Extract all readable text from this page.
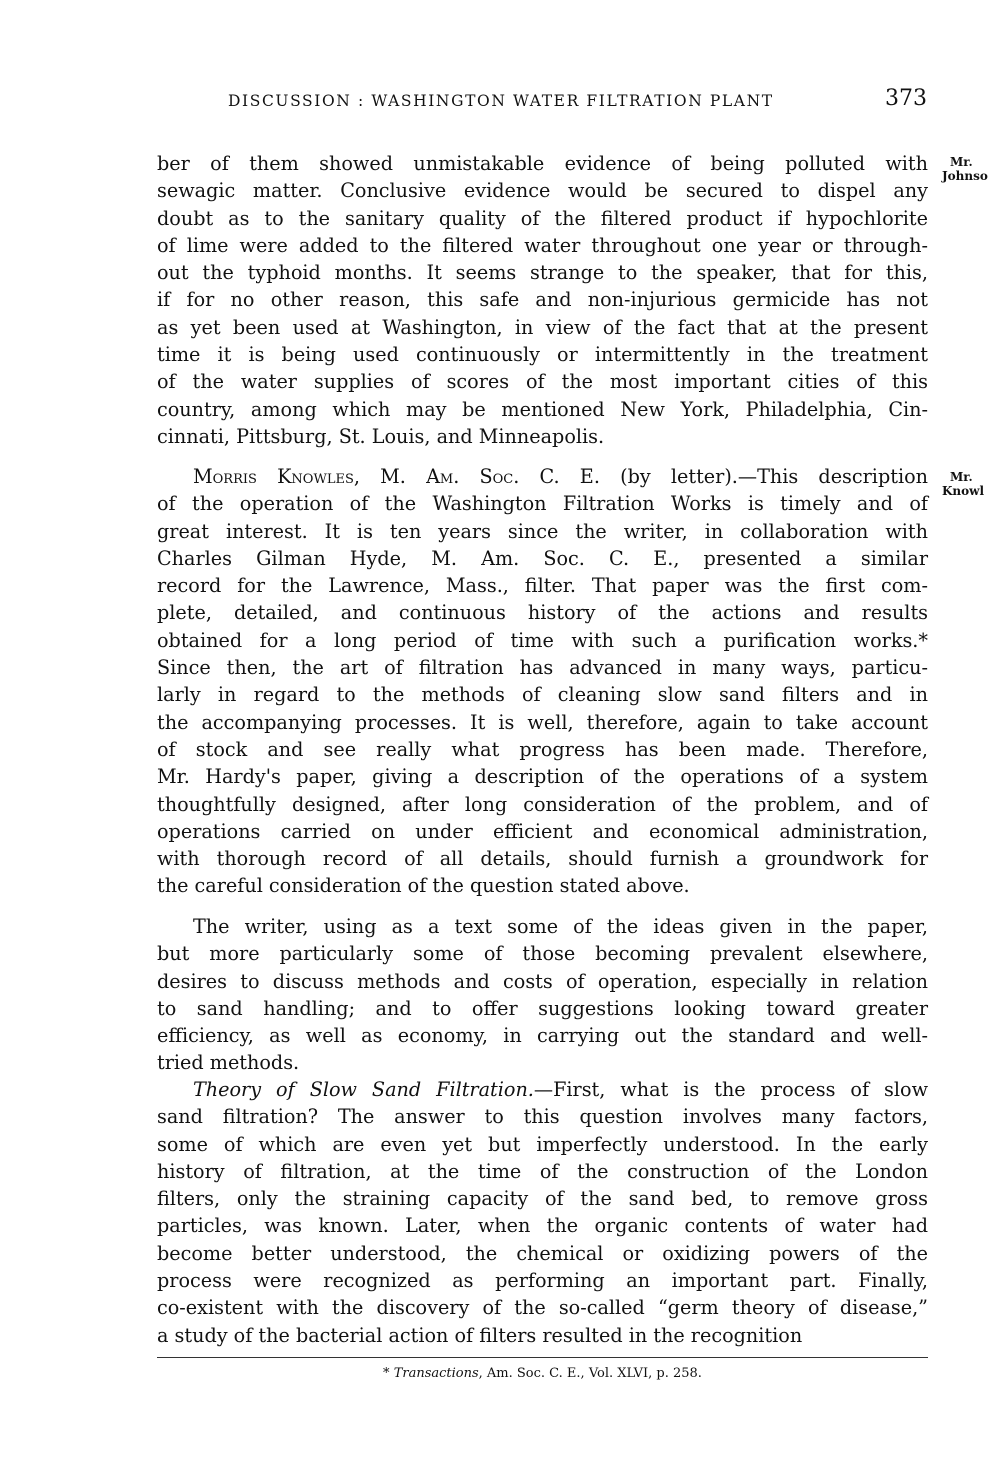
DISCUSSION : WASHINGTON WATER FILTRATION PLANT	373
Mr.
Johnso
Mr.
Knowl
ber of them showed unmistakable evidence of being polluted with
sewagic matter. Conclusive evidence would be secured to dispel any
doubt as to the sanitary quality of the filtered product if hypochlorite
of lime were added to the filtered water throughout one year or through-
out the typhoid months. It seems strange to the speaker, that for this,
if for no other reason, this safe and non-injurious germicide has not
as yet been used at Washington, in view of the fact that at the present
time it is being used continuously or intermittently in the treatment
of the water supplies of scores of the most important cities of this
country, among which may be mentioned New York, Philadelphia, Cin-
cinnati, Pittsburg, St. Louis, and Minneapolis.
Morris Knowles, M. Am. Soc. C. E. (by letter).—This description
of the operation of the Washington Filtration Works is timely and of
great interest. It is ten years since the writer, in collaboration with
Charles Gilman Hyde, M. Am. Soc. C. E., presented a similar
record for the Lawrence, Mass., filter. That paper was the first com-
plete, detailed, and continuous history of the actions and results
obtained for a long period of time with such a purification works.*
Since then, the art of filtration has advanced in many ways, particu-
larly in regard to the methods of cleaning slow sand filters and in
the accompanying processes. It is well, therefore, again to take account
of stock and see really what progress has been made. Therefore,
Mr. Hardy's paper, giving a description of the operations of a system
thoughtfully designed, after long consideration of the problem, and of
operations carried on under efficient and economical administration,
with thorough record of all details, should furnish a groundwork for
the careful consideration of the question stated above.
The writer, using as a text some of the ideas given in the paper,
but more particularly some of those becoming prevalent elsewhere,
desires to discuss methods and costs of operation, especially in relation
to sand handling; and to offer suggestions looking toward greater
efficiency, as well as economy, in carrying out the standard and well-
tried methods.
Theory of Slow Sand Filtration.—First, what is the process of slow
sand filtration? The answer to this question involves many factors,
some of which are even yet but imperfectly understood. In the early
history of filtration, at the time of the construction of the London
filters, only the straining capacity of the sand bed, to remove gross
particles, was known. Later, when the organic contents of water had
become better understood, the chemical or oxidizing powers of the
process were recognized as performing an important part. Finally,
co-existent with the discovery of the so-called “germ theory of disease,”
a study of the bacterial action of filters resulted in the recognition
* Transactions, Am. Soc. C. E., Vol. XLVI, p. 258.
